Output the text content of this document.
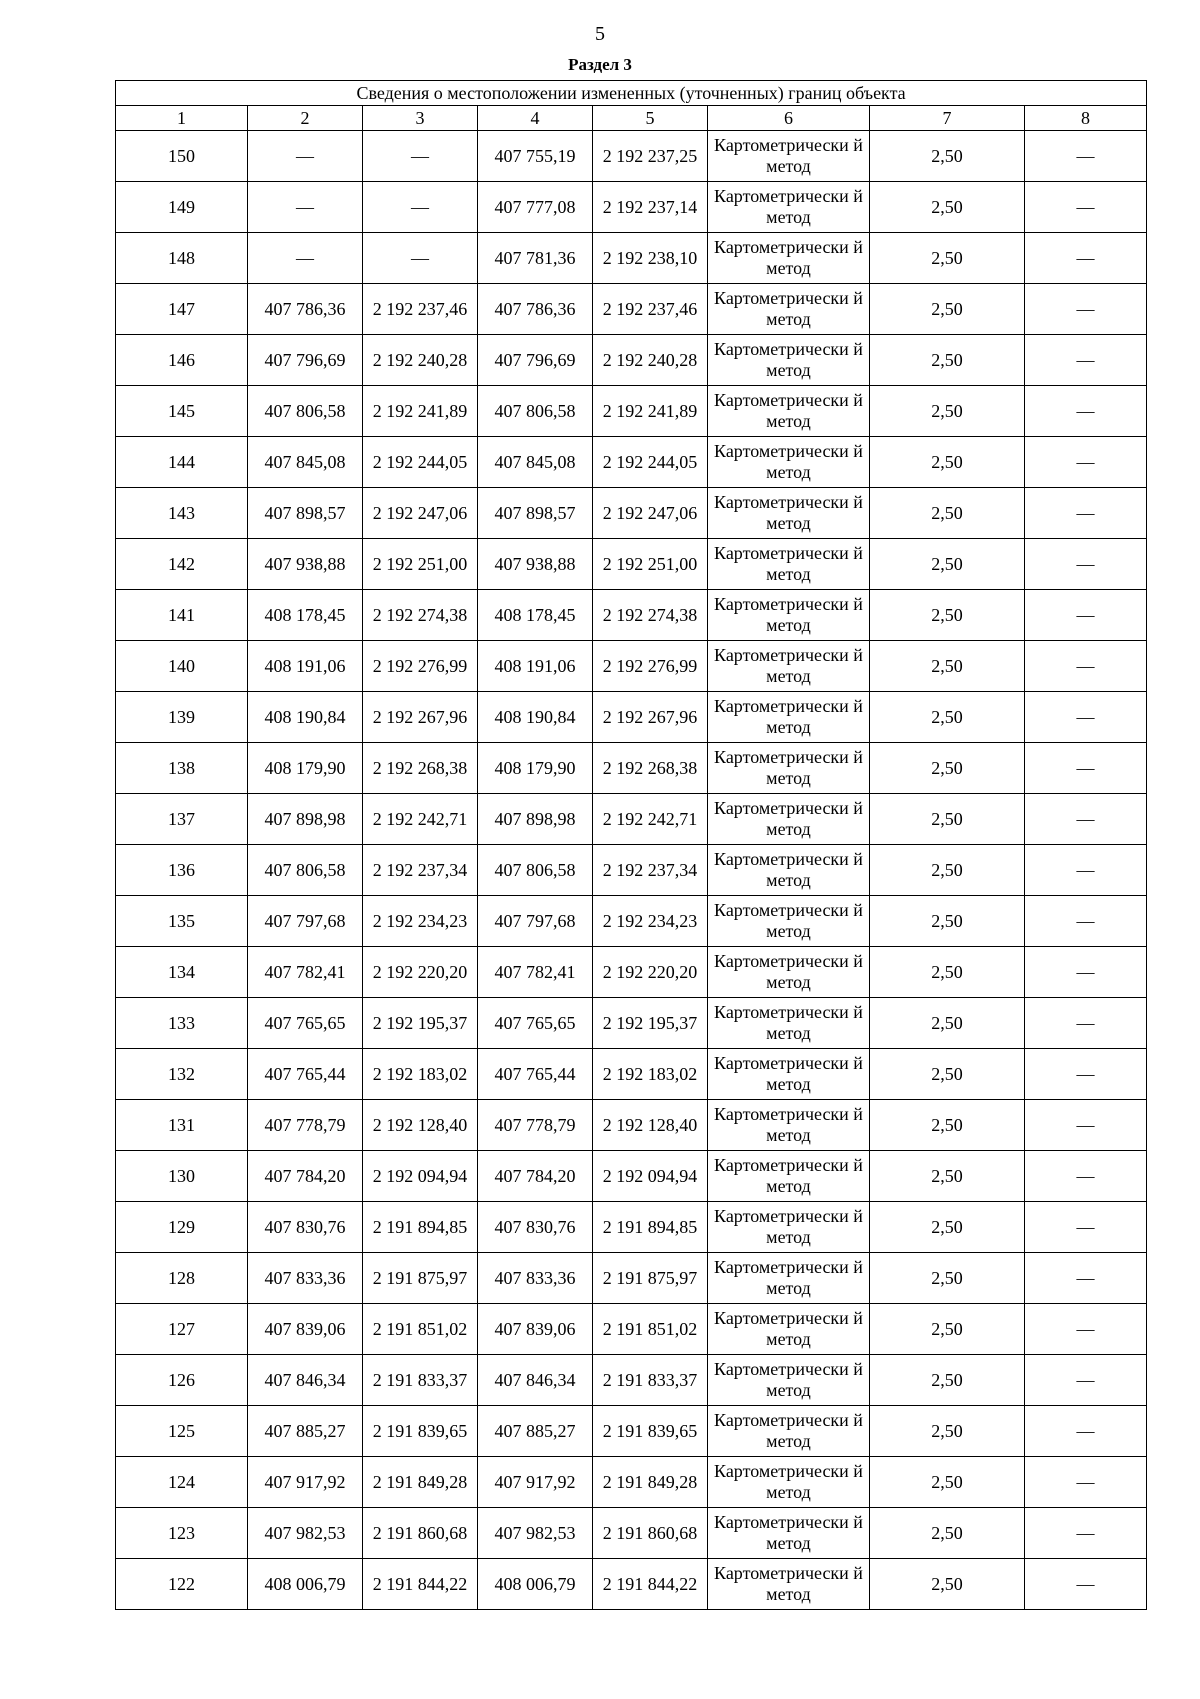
5
Раздел 3
Сведения о местоположении измененных (уточненных) границ объекта							
1	2	3	4	5	6	7	8
150	—	—	407 755,19	2 192 237,25	Картометрически й метод	2,50	—
149	—	—	407 777,08	2 192 237,14	Картометрически й метод	2,50	—
148	—	—	407 781,36	2 192 238,10	Картометрически й метод	2,50	—
147	407 786,36	2 192 237,46	407 786,36	2 192 237,46	Картометрически й метод	2,50	—
146	407 796,69	2 192 240,28	407 796,69	2 192 240,28	Картометрически й метод	2,50	—
145	407 806,58	2 192 241,89	407 806,58	2 192 241,89	Картометрически й метод	2,50	—
144	407 845,08	2 192 244,05	407 845,08	2 192 244,05	Картометрически й метод	2,50	—
143	407 898,57	2 192 247,06	407 898,57	2 192 247,06	Картометрически й метод	2,50	—
142	407 938,88	2 192 251,00	407 938,88	2 192 251,00	Картометрически й метод	2,50	—
141	408 178,45	2 192 274,38	408 178,45	2 192 274,38	Картометрически й метод	2,50	—
140	408 191,06	2 192 276,99	408 191,06	2 192 276,99	Картометрически й метод	2,50	—
139	408 190,84	2 192 267,96	408 190,84	2 192 267,96	Картометрически й метод	2,50	—
138	408 179,90	2 192 268,38	408 179,90	2 192 268,38	Картометрически й метод	2,50	—
137	407 898,98	2 192 242,71	407 898,98	2 192 242,71	Картометрически й метод	2,50	—
136	407 806,58	2 192 237,34	407 806,58	2 192 237,34	Картометрически й метод	2,50	—
135	407 797,68	2 192 234,23	407 797,68	2 192 234,23	Картометрически й метод	2,50	—
134	407 782,41	2 192 220,20	407 782,41	2 192 220,20	Картометрически й метод	2,50	—
133	407 765,65	2 192 195,37	407 765,65	2 192 195,37	Картометрически й метод	2,50	—
132	407 765,44	2 192 183,02	407 765,44	2 192 183,02	Картометрически й метод	2,50	—
131	407 778,79	2 192 128,40	407 778,79	2 192 128,40	Картометрически й метод	2,50	—
130	407 784,20	2 192 094,94	407 784,20	2 192 094,94	Картометрически й метод	2,50	—
129	407 830,76	2 191 894,85	407 830,76	2 191 894,85	Картометрически й метод	2,50	—
128	407 833,36	2 191 875,97	407 833,36	2 191 875,97	Картометрически й метод	2,50	—
127	407 839,06	2 191 851,02	407 839,06	2 191 851,02	Картометрически й метод	2,50	—
126	407 846,34	2 191 833,37	407 846,34	2 191 833,37	Картометрически й метод	2,50	—
125	407 885,27	2 191 839,65	407 885,27	2 191 839,65	Картометрически й метод	2,50	—
124	407 917,92	2 191 849,28	407 917,92	2 191 849,28	Картометрически й метод	2,50	—
123	407 982,53	2 191 860,68	407 982,53	2 191 860,68	Картометрически й метод	2,50	—
122	408 006,79	2 191 844,22	408 006,79	2 191 844,22	Картометрически й метод	2,50	—
